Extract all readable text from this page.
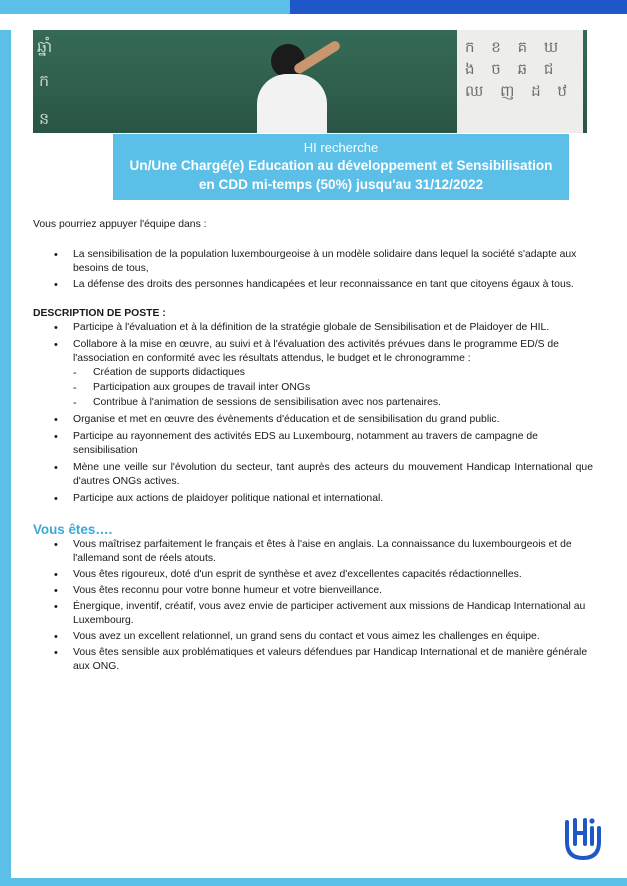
ឆ្នាំ
ក
ន
ក ខ គ ឃ
ង ច ឆ ជ
ឈ ញ ដ ឋ
HI recherche
Un/Une Chargé(e) Education au développement et Sensibilisation
en CDD mi-temps (50%) jusqu'au 31/12/2022

Vous pourriez appuyer l'équipe dans :

• La sensibilisation de la population luxembourgeoise à un modèle solidaire dans lequel la société s'adapte aux besoins de tous,
• La défense des droits des personnes handicapées et leur reconnaissance en tant que citoyens égaux à tous.

DESCRIPTION DE POSTE :

• Participe à l'évaluation et à la définition de la stratégie globale de Sensibilisation et de Plaidoyer de HIL.
• Collabore à la mise en œuvre, au suivi et à l'évaluation des activités prévues dans le programme ED/S de l'association en conformité avec les résultats attendus, le budget et le chronogramme :
- Création de supports didactiques
- Participation aux groupes de travail inter ONGs
- Contribue à l'animation de sessions de sensibilisation avec nos partenaires.
• Organise et met en œuvre des évènements d'éducation et de sensibilisation du grand public.
• Participe au rayonnement des activités EDS au Luxembourg, notamment au travers de campagne de sensibilisation
• Mène une veille sur l'évolution du secteur, tant auprès des acteurs du mouvement Handicap International que d'autres ONGs actives.
• Participe aux actions de plaidoyer politique national et international.

Vous êtes….

• Vous maîtrisez parfaitement le français et êtes à l'aise en anglais. La connaissance du luxembourgeois et de l'allemand sont de réels atouts.
• Vous êtes rigoureux, doté d'un esprit de synthèse et avez d'excellentes capacités rédactionnelles.
• Vous êtes reconnu pour votre bonne humeur et votre bienveillance.
• Énergique, inventif, créatif, vous avez envie de participer activement aux missions de Handicap International au Luxembourg.
• Vous avez un excellent relationnel, un grand sens du contact et vous aimez les challenges en équipe.
• Vous êtes sensible aux problématiques et valeurs défendues par Handicap International et de manière générale aux ONG.
